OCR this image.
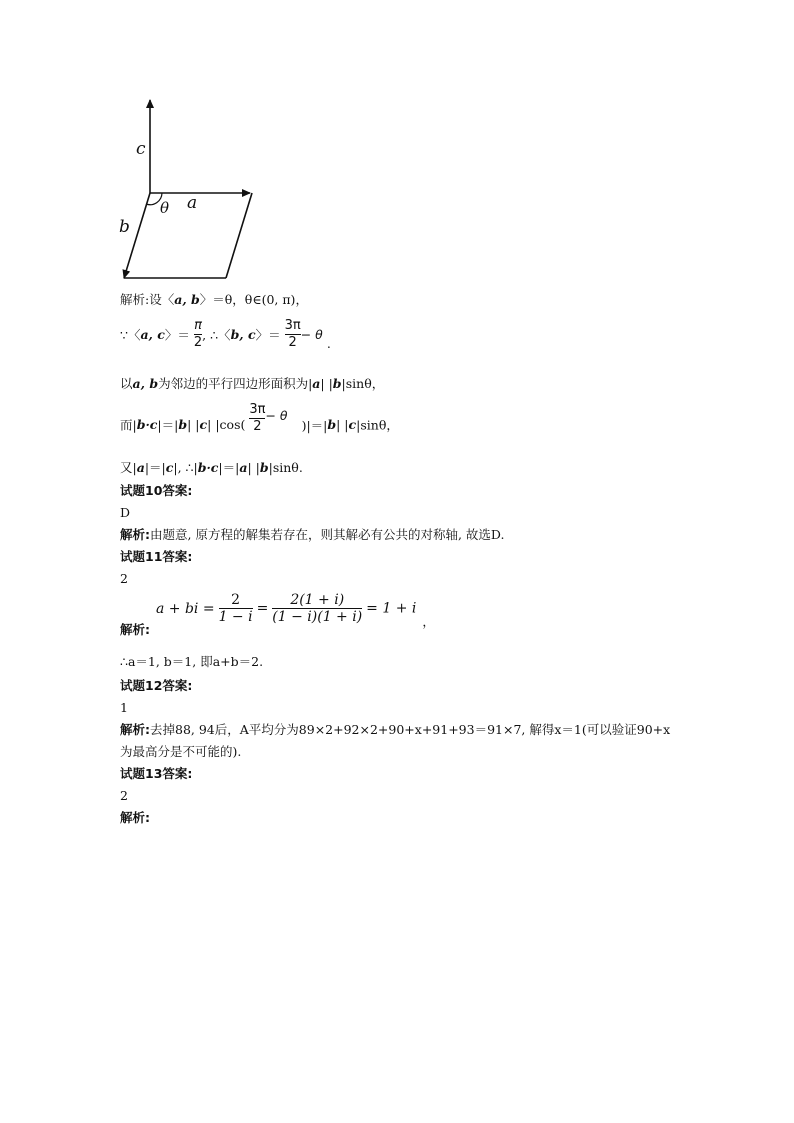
c
a
b
θ
解析:设〈a, b〉＝θ，θ∈(0, π)，
∵〈a, c〉＝ $\frac{\pi}{2}$ , ∴〈b, c〉＝ $\frac{3\pi}{2} - \theta$.
以a, b为邻边的平行四边形面积为|a| |b|sinθ，
而|b·c|＝|b| |c| $|\cos( \frac{3\pi}{2} - \theta)|=|b|$ |c|sinθ，
又|a|＝|c|, ∴|b·c|＝|a| |b|sinθ.
试题10答案:
D
解析:由题意, 原方程的解集若存在，则其解必有公共的对称轴, 故选D.
试题11答案:
2
解析: a + bi = $\frac{2}{1 - i} = \frac{2(1 + i)}{(1 - i)(1 + i)} = 1 + i$ ，
∴a＝1, b＝1, 即a+b＝2.
试题12答案:
1
解析:去掉88, 94后，A平均分为89×2+92×2+90+x+91+93＝91×7, 解得x＝1(可以验证90+x
为最高分是不可能的).
试题13答案:
2
解析:
